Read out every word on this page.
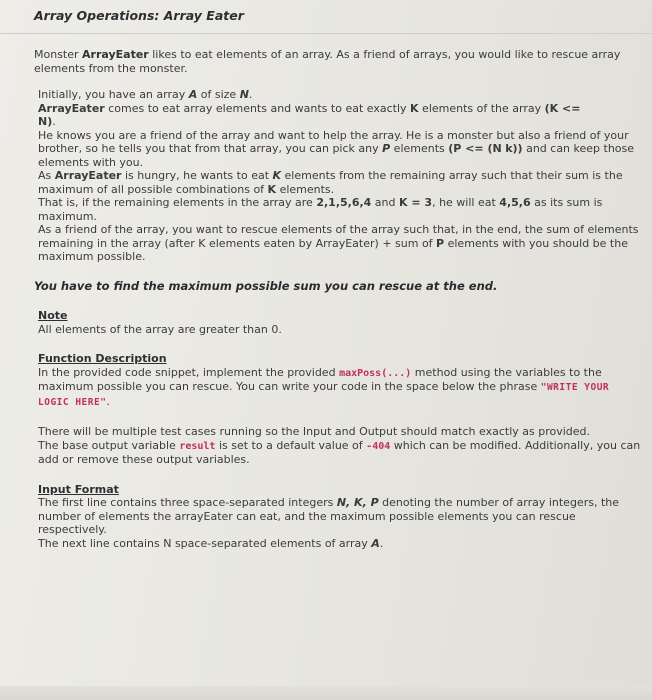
Array Operations: Array Eater

Monster ArrayEater likes to eat elements of an array. As a friend of arrays, you would like to rescue array elements from the monster.

Initially, you have an array A of size N.

ArrayEater comes to eat array elements and wants to eat exactly K elements of the array (K <=

N).

He knows you are a friend of the array and want to help the array. He is a monster but also a friend of your brother, so he tells you that from that array, you can pick any P elements (P <= (N k)) and can keep those elements with you.

As ArrayEater is hungry, he wants to eat K elements from the remaining array such that their sum is the maximum of all possible combinations of K elements.

That is, if the remaining elements in the array are 2,1,5,6,4 and K = 3, he will eat 4,5,6 as its sum is maximum.

As a friend of the array, you want to rescue elements of the array such that, in the end, the sum of elements remaining in the array (after K elements eaten by ArrayEater) + sum of P elements with you should be the maximum possible.

You have to find the maximum possible sum you can rescue at the end.

Note

All elements of the array are greater than 0.

Function Description

In the provided code snippet, implement the provided maxPoss(...) method using the variables to the maximum possible you can rescue. You can write your code in the space below the phrase "WRITE YOUR LOGIC HERE".

There will be multiple test cases running so the Input and Output should match exactly as provided.

The base output variable result is set to a default value of -404 which can be modified. Additionally, you can add or remove these output variables.

Input Format

The first line contains three space-separated integers N, K, P denoting the number of array integers, the number of elements the arrayEater can eat, and the maximum possible elements you can rescue respectively.

The next line contains N space-separated elements of array A.
